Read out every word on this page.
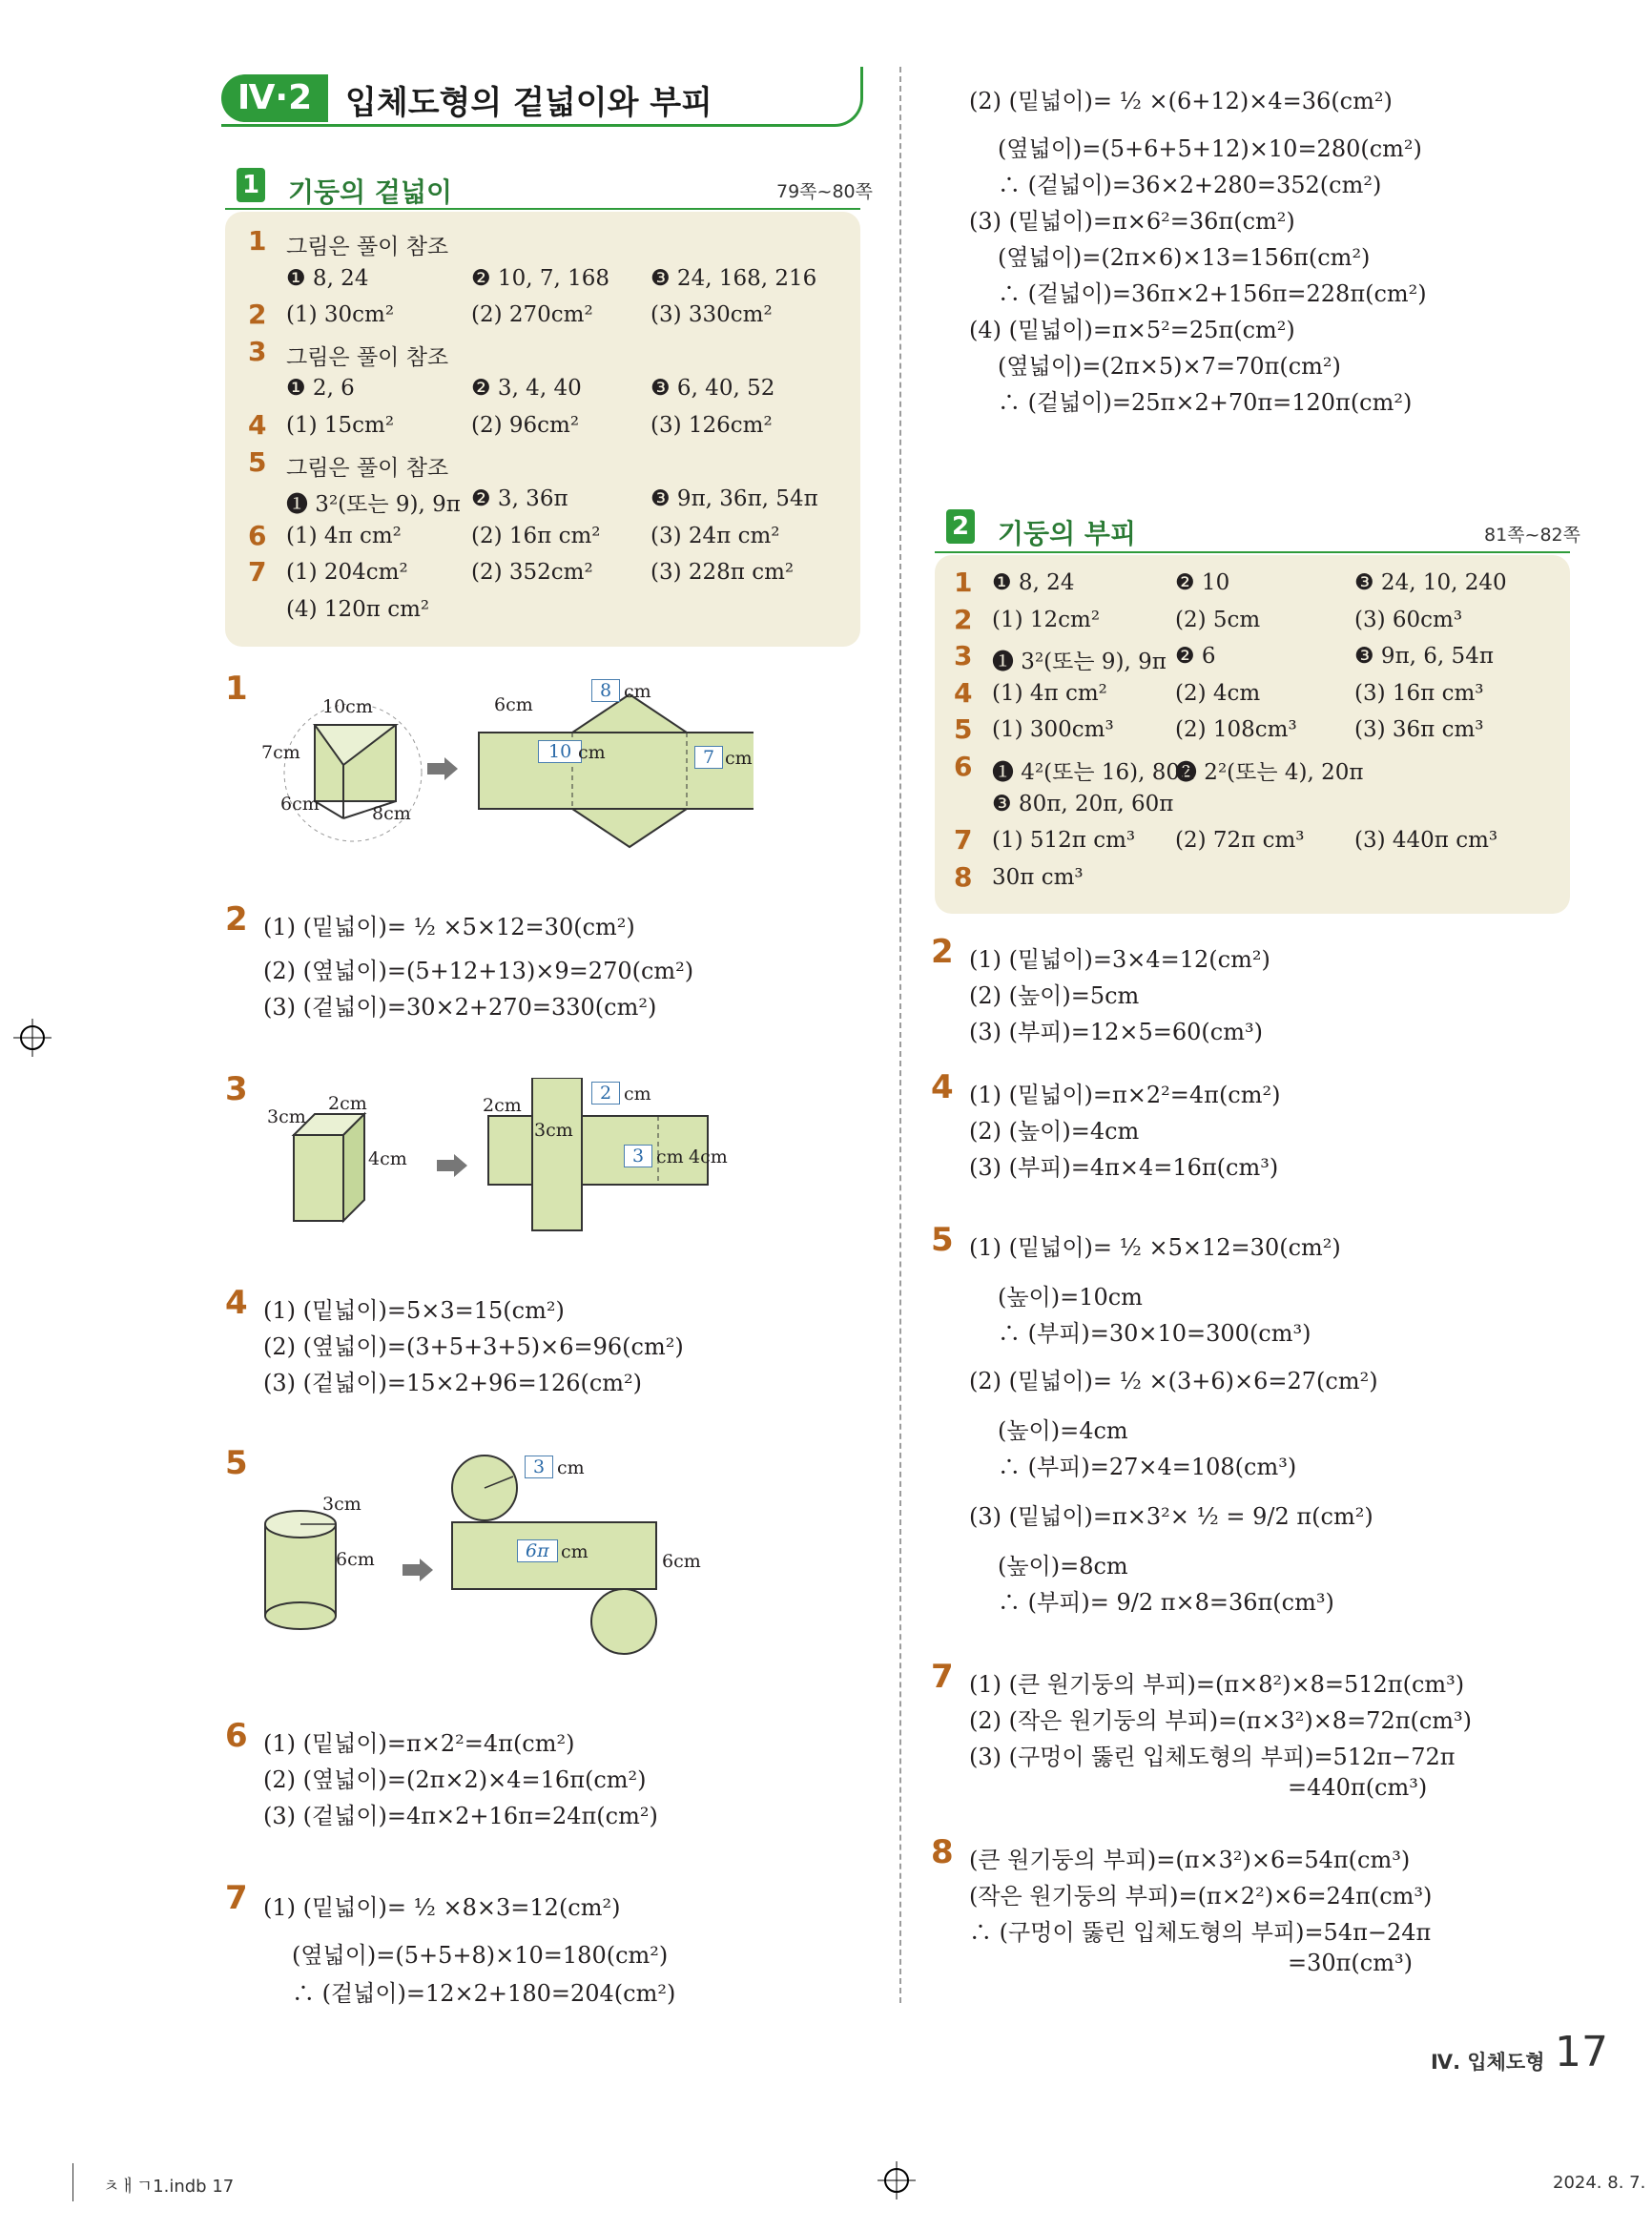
Ⅳ·2	입체도형의 겉넓이와 부피
1 기둥의 겉넓이	79쪽~80쪽
1 그림은 풀이 참조
❶ 8, 24	❷ 10, 7, 168 ❸ 24, 168, 216
2 (1) 30cm²	(2) 270cm²	(3) 330cm²
3 그림은 풀이 참조
❶ 2, 6	❷ 3, 4, 40	❸ 6, 40, 52
4 (1) 15cm²	(2) 96cm²	(3) 126cm²
5 그림은 풀이 참조
❶ 3²(또는 9), 9π ❷ 3, 36π	❸ 9π, 36π, 54π
6 (1) 4π cm²	(2) 16π cm² (3) 24π cm²
7 (1) 204cm²	(2) 352cm²	(3) 228π cm²
(4) 120π cm²
1	10cm
7cm
6cm	8cm
6cm
8 cm
10 cm	7 cm
2 (1) (밑넓이)= ½ ×5×12=30(cm²)
(2) (옆넓이)=(5+12+13)×9=270(cm²)
(3) (겉넓이)=30×2+270=330(cm²)
3
3cm
2cm
4cm
2cm
2 cm
3cm
3 cm 4cm
4 (1) (밑넓이)=5×3=15(cm²)
(2) (옆넓이)=(3+5+3+5)×6=96(cm²)
(3) (겉넓이)=15×2+96=126(cm²)
5
3cm
6cm
3 cm
6π cm	6cm
6 (1) (밑넓이)=π×2²=4π(cm²)
(2) (옆넓이)=(2π×2)×4=16π(cm²)
(3) (겉넓이)=4π×2+16π=24π(cm²)
7 (1) (밑넓이)= ½ ×8×3=12(cm²)
(옆넓이)=(5+5+8)×10=180(cm²)
∴ (겉넓이)=12×2+180=204(cm²)
(2) (밑넓이)= ½ ×(6+12)×4=36(cm²)
(옆넓이)=(5+6+5+12)×10=280(cm²)
∴ (겉넓이)=36×2+280=352(cm²)
(3) (밑넓이)=π×6²=36π(cm²)
(옆넓이)=(2π×6)×13=156π(cm²)
∴ (겉넓이)=36π×2+156π=228π(cm²)
(4) (밑넓이)=π×5²=25π(cm²)
(옆넓이)=(2π×5)×7=70π(cm²)
∴ (겉넓이)=25π×2+70π=120π(cm²)
2 기둥의 부피	81쪽~82쪽
1 ❶ 8, 24	❷ 10	❸ 24, 10, 240
2 (1) 12cm²	(2) 5cm	(3) 60cm³
3 ❶ 3²(또는 9), 9π ❷ 6	❸ 9π, 6, 54π
4 (1) 4π cm²	(2) 4cm	(3) 16π cm³
5 (1) 300cm³	(2) 108cm³	(3) 36π cm³
6 ❶ 4²(또는 16), 80π
❷ 2²(또는 4), 20π
❸ 80π, 20π, 60π
7 (1) 512π cm³ (2) 72π cm³ (3) 440π cm³
8 30π cm³
2 (1) (밑넓이)=3×4=12(cm²)
(2) (높이)=5cm
(3) (부피)=12×5=60(cm³)
4 (1) (밑넓이)=π×2²=4π(cm²)
(2) (높이)=4cm
(3) (부피)=4π×4=16π(cm³)
5 (1) (밑넓이)= ½ ×5×12=30(cm²)
(높이)=10cm
∴ (부피)=30×10=300(cm³)
(2) (밑넓이)= ½ ×(3+6)×6=27(cm²)
(높이)=4cm
∴ (부피)=27×4=108(cm³)
(3) (밑넓이)=π×3²× ½ = 9/2 π(cm²)
(높이)=8cm
∴ (부피)= 9/2 π×8=36π(cm³)
7 (1) (큰 원기둥의 부피)=(π×8²)×8=512π(cm³)
(2) (작은 원기둥의 부피)=(π×3²)×8=72π(cm³)
(3) (구멍이 뚫린 입체도형의 부피)=512π−72π
=440π(cm³)
8 (큰 원기둥의 부피)=(π×3²)×6=54π(cm³)
(작은 원기둥의 부피)=(π×2²)×6=24π(cm³)
∴ (구멍이 뚫린 입체도형의 부피)=54π−24π
=30π(cm³)
Ⅳ. 입체도형 17
ㅊㅐㄱ1.indb 17	2024. 8. 7.
